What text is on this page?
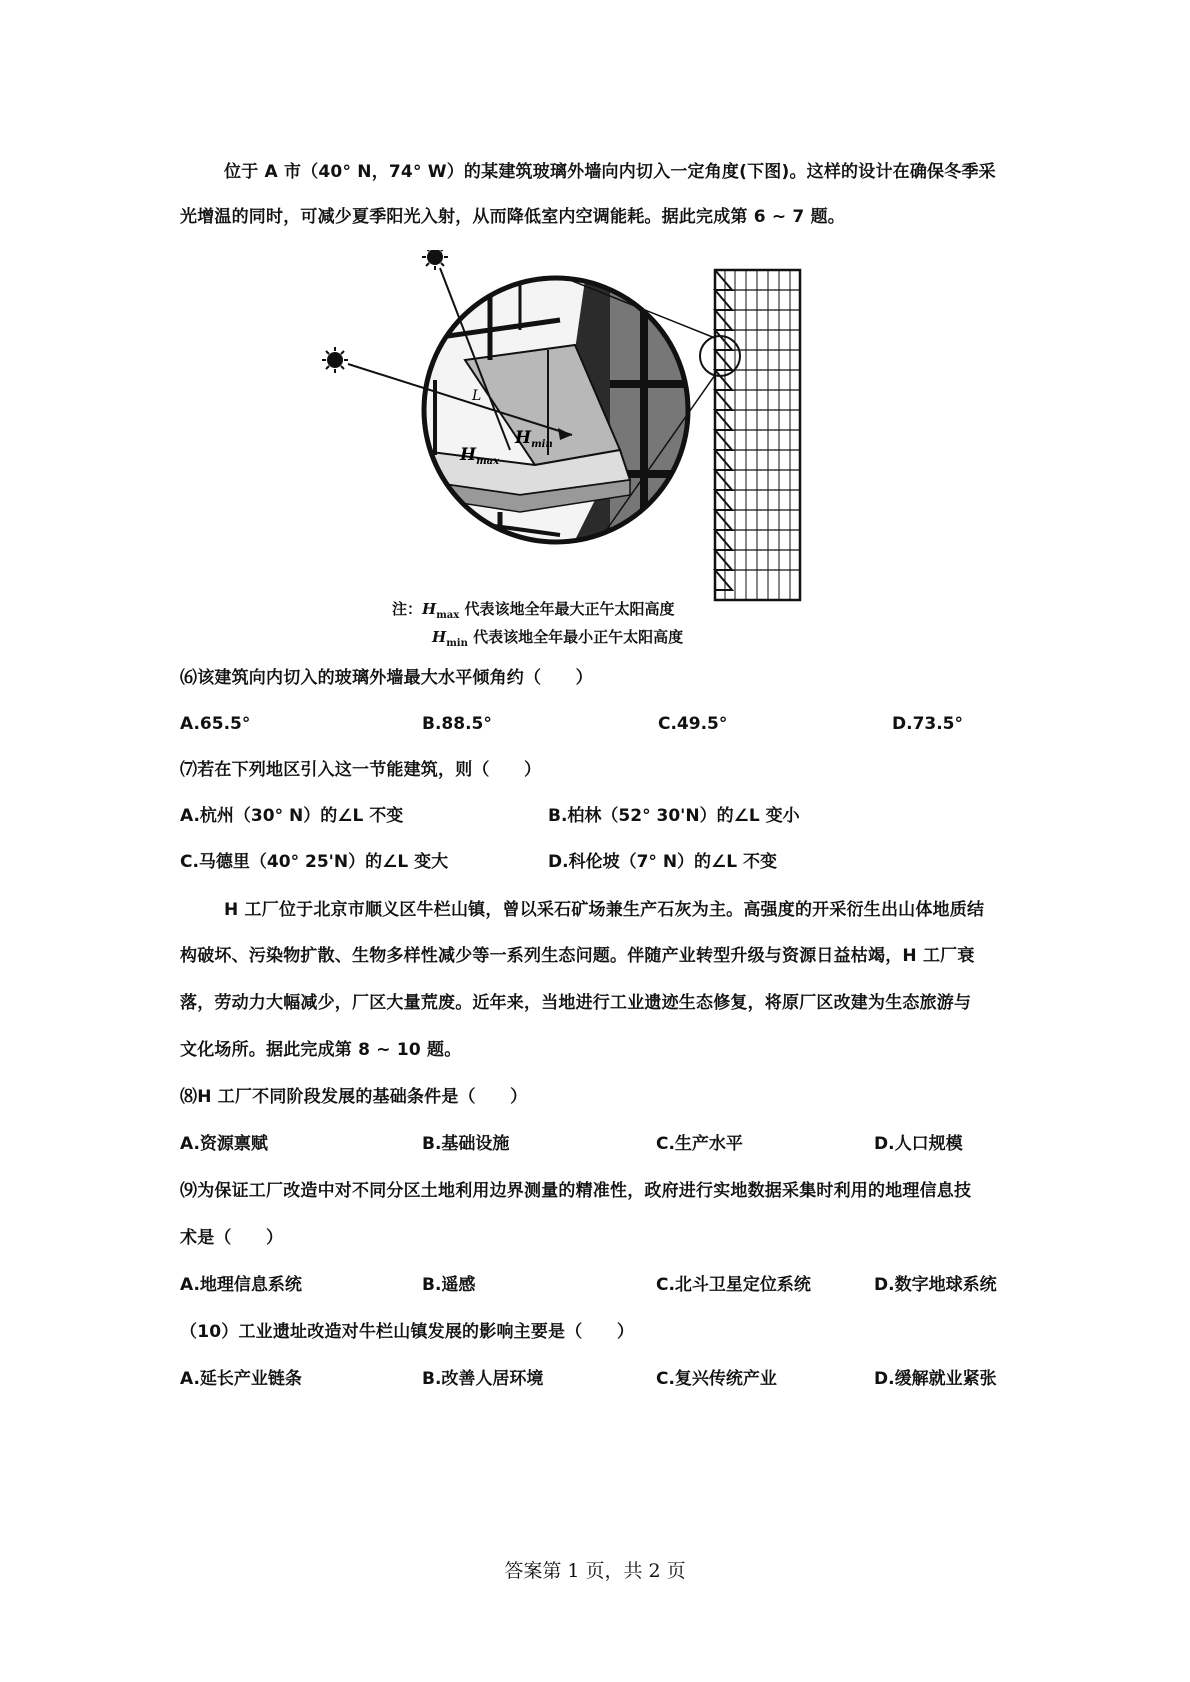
位于 A 市（40° N，74° W）的某建筑玻璃外墙向内切入一定角度(下图)。这样的设计在确保冬季采
光增温的同时，可减少夏季阳光入射，从而降低室内空调能耗。据此完成第 6 ~ 7 题。
$H_{max}$
$H_{min}$
L
注：$H_{max}$ 代表该地全年最大正午太阳高度
$H_{min}$ 代表该地全年最小正午太阳高度
⑹该建筑向内切入的玻璃外墙最大水平倾角约（　　）
A.65.5°	B.88.5°	C.49.5°	D.73.5°
⑺若在下列地区引入这一节能建筑，则（　　）
A.杭州（30° N）的∠L 不变	B.柏林（52° 30'N）的∠L 变小
C.马德里（40° 25'N）的∠L 变大	D.科伦坡（7° N）的∠L 不变
H 工厂位于北京市顺义区牛栏山镇，曾以采石矿场兼生产石灰为主。高强度的开采衍生出山体地质结
构破坏、污染物扩散、生物多样性减少等一系列生态问题。伴随产业转型升级与资源日益枯竭，H 工厂衰
落，劳动力大幅减少，厂区大量荒废。近年来，当地进行工业遗迹生态修复，将原厂区改建为生态旅游与
文化场所。据此完成第 8 ~ 10 题。
⑻H 工厂不同阶段发展的基础条件是（　　）
A.资源禀赋	B.基础设施	C.生产水平	D.人口规模
⑼为保证工厂改造中对不同分区土地利用边界测量的精准性，政府进行实地数据采集时利用的地理信息技
术是（　　）
A.地理信息系统	B.遥感	C.北斗卫星定位系统	D.数字地球系统
（10）工业遗址改造对牛栏山镇发展的影响主要是（　　）
A.延长产业链条	B.改善人居环境	C.复兴传统产业	D.缓解就业紧张
答案第 1 页，共 2 页
